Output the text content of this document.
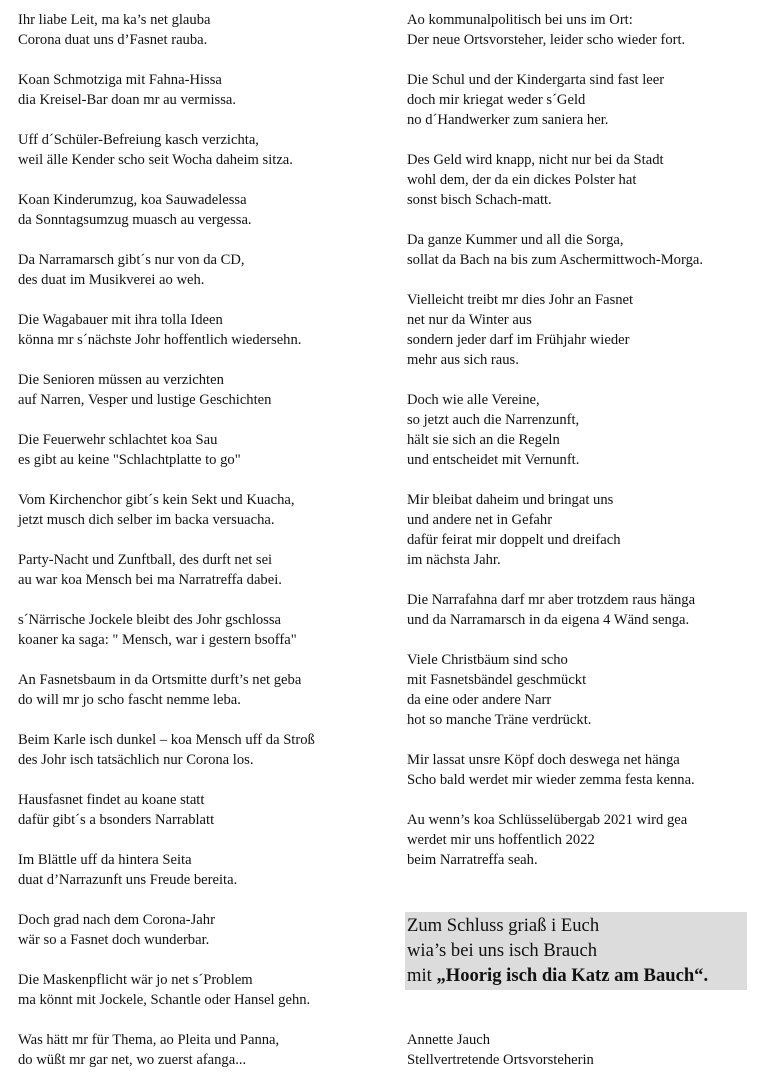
Ihr liabe Leit, ma ka’s net glauba
Corona duat uns d’Fasnet rauba.
Koan Schmotziga mit Fahna-Hissa
dia Kreisel-Bar doan mr au vermissa.
Uff d´Schüler-Befreiung kasch verzichta,
weil älle Kender scho seit Wocha daheim sitza.
Koan Kinderumzug, koa Sauwadelessa
da Sonntagsumzug muasch au vergessa.
Da Narramarsch gibt´s nur von da CD,
des duat im Musikverei ao weh.
Die Wagabauer mit ihra tolla Ideen
könna mr s´nächste Johr hoffentlich wiedersehn.
Die Senioren müssen au verzichten
auf Narren, Vesper und lustige Geschichten
Die Feuerwehr schlachtet koa Sau
es gibt au keine "Schlachtplatte to go"
Vom Kirchenchor gibt´s kein Sekt und Kuacha,
jetzt musch dich selber im backa versuacha.
Party-Nacht und Zunftball, des durft net sei
au war koa Mensch bei ma Narratreffa dabei.
s´Närrische Jockele bleibt des Johr gschlossa
koaner ka saga: " Mensch, war i gestern bsoffa"
An Fasnetsbaum in da Ortsmitte durft’s net geba
do will mr jo scho fascht nemme leba.
Beim Karle isch dunkel – koa Mensch uff da Stroß
des Johr isch tatsächlich nur Corona los.
Hausfasnet findet au koane statt
dafür gibt´s a bsonders Narrablatt
Im Blättle uff da hintera Seita
duat d’Narrazunft uns Freude bereita.
Doch grad nach dem Corona-Jahr
wär so a Fasnet doch wunderbar.
Die Maskenpflicht wär jo net s´Problem
ma könnt mit Jockele, Schantle oder Hansel gehn.
Was hätt mr für Thema, ao Pleita und Panna,
do wüßt mr gar net, wo zuerst afanga...
Ao kommunalpolitisch bei uns im Ort:
Der neue Ortsvorsteher, leider scho wieder fort.
Die Schul und der Kindergarta sind fast leer
doch mir kriegat weder s´Geld
no d´Handwerker zum saniera her.
Des Geld wird knapp, nicht nur bei da Stadt
wohl dem, der da ein dickes Polster hat
sonst bisch Schach-matt.
Da ganze Kummer und all die Sorga,
sollat da Bach na bis zum Aschermittwoch-Morga.
Vielleicht treibt mr dies Johr an Fasnet
net nur da Winter aus
sondern jeder darf im Frühjahr wieder
mehr aus sich raus.
Doch wie alle Vereine,
so jetzt auch die Narrenzunft,
hält sie sich an die Regeln
und entscheidet mit Vernunft.
Mir bleibat daheim und bringat uns
und andere net in Gefahr
dafür feirat mir doppelt und dreifach
im nächsta Jahr.
Die Narrafahna darf mr aber trotzdem raus hänga
und da Narramarsch in da eigena 4 Wänd senga.
Viele Christbäum sind scho
mit Fasnetsbändel geschmückt
da eine oder andere Narr
hot so manche Träne verdrückt.
Mir lassat unsre Köpf doch deswega net hänga
Scho bald werdet mir wieder zemma festa kenna.
Au wenn’s koa Schlüsselübergab 2021 wird gea
werdet mir uns hoffentlich 2022
beim Narratreffa seah.
Zum Schluss griaß i Euch
wia’s bei uns isch Brauch
mit „Hoorig isch dia Katz am Bauch“.
Annette Jauch
Stellvertretende Ortsvorsteherin
